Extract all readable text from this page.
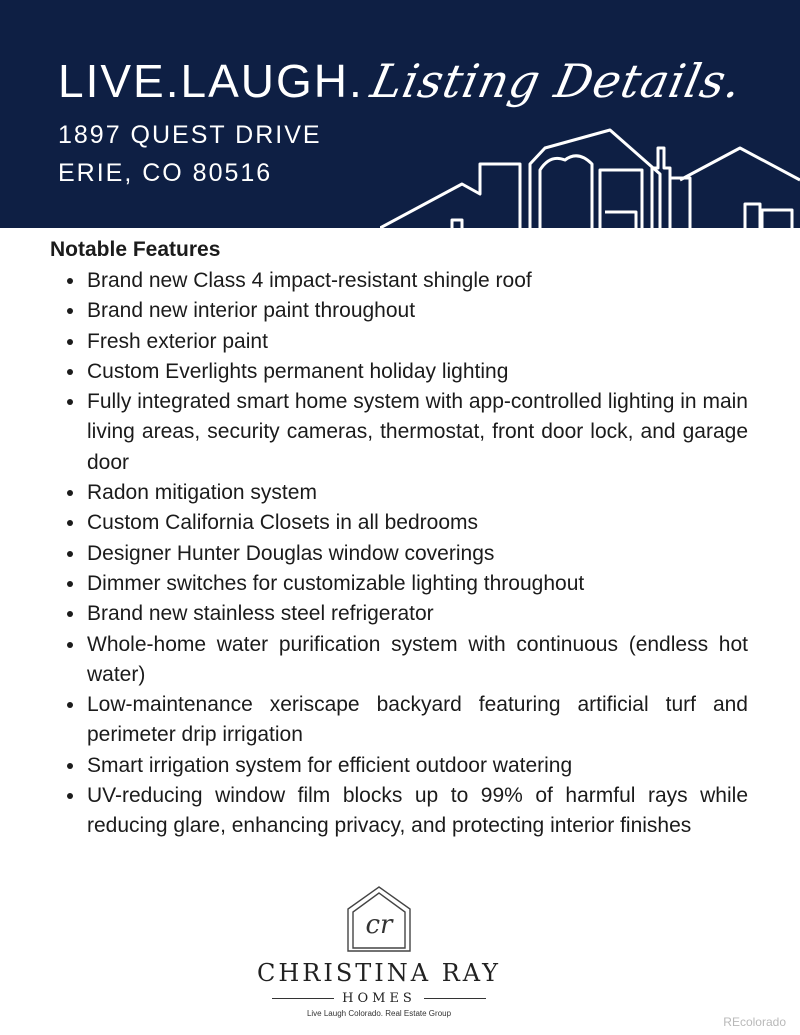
LIVE.LAUGH. Listing Details.
1897 QUEST DRIVE
ERIE, CO 80516
Notable Features
Brand new Class 4 impact-resistant shingle roof
Brand new interior paint throughout
Fresh exterior paint
Custom Everlights permanent holiday lighting
Fully integrated smart home system with app-controlled lighting in main living areas, security cameras, thermostat, front door lock, and garage door
Radon mitigation system
Custom California Closets in all bedrooms
Designer Hunter Douglas window coverings
Dimmer switches for customizable lighting throughout
Brand new stainless steel refrigerator
Whole-home water purification system with continuous (endless hot water)
Low-maintenance xeriscape backyard featuring artificial turf and perimeter drip irrigation
Smart irrigation system for efficient outdoor watering
UV-reducing window film blocks up to 99% of harmful rays while reducing glare, enhancing privacy, and protecting interior finishes
cr
CHRISTINA RAY
HOMES
Live Laugh Colorado. Real Estate Group
REcolorado
